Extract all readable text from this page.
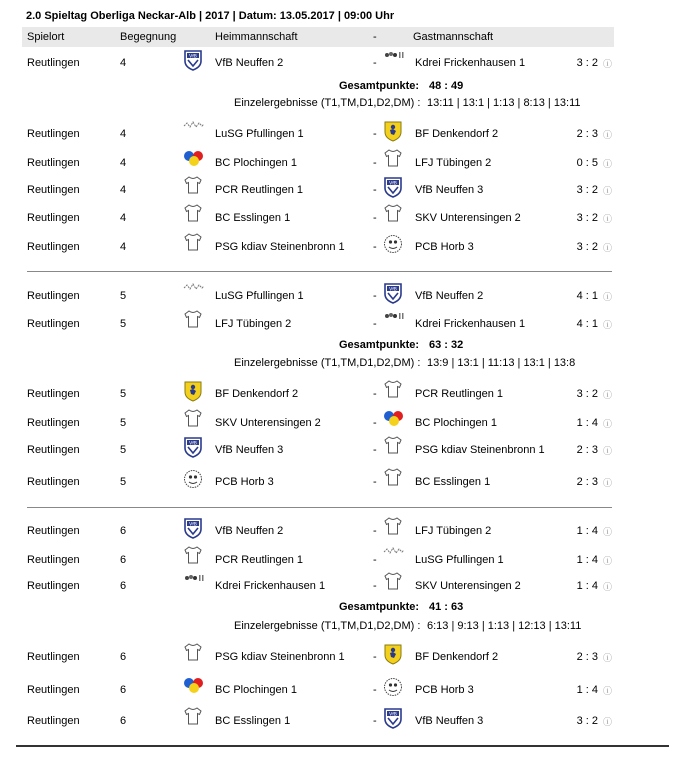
2.0 Spieltag Oberliga Neckar-Alb | 2017 | Datum: 13.05.2017 | 09:00 Uhr
Spielort	Begegnung	Heimmannschaft	-	Gastmannschaft
Reutlingen	4	VfB Neuffen 2	-	Kdrei Frickenhausen 1	3 : 2
VfB
ⓘ
Gesamtpunkte: 48 : 49
Einzelergebnisse (T1,TM,D1,D2,DM) : 13:11 | 13:1 | 1:13 | 8:13 | 13:11
Reutlingen	4	LuSG Pfullingen 1	-	BF Denkendorf 2	2 : 3 ⓘ
Reutlingen	4	BC Plochingen 1	-	LFJ Tübingen 2	0 : 5 ⓘ
Reutlingen	4	PCR Reutlingen 1	-	VfB Neuffen 3	3 : 2
VfB
ⓘ
Reutlingen	4	BC Esslingen 1	-	SKV Unterensingen 2	3 : 2 ⓘ
Reutlingen	4	PSG kdiav Steinenbronn 1	-	PCB Horb 3	3 : 2 ⓘ
Reutlingen	5	LuSG Pfullingen 1	-	VfB Neuffen 2	4 : 1
VfB
ⓘ
Reutlingen	5	LFJ Tübingen 2	-	Kdrei Frickenhausen 1	4 : 1 ⓘ
Gesamtpunkte: 63 : 32
Einzelergebnisse (T1,TM,D1,D2,DM) : 13:9 | 13:1 | 11:13 | 13:1 | 13:8
Reutlingen	5	BF Denkendorf 2	-	PCR Reutlingen 1	3 : 2 ⓘ
Reutlingen	5	SKV Unterensingen 2	-	BC Plochingen 1	1 : 4 ⓘ
Reutlingen	5	VfB Neuffen 3	-	PSG kdiav Steinenbronn 1	2 : 3
VfB
ⓘ
Reutlingen	5	PCB Horb 3	-	BC Esslingen 1	2 : 3 ⓘ
Reutlingen	6	VfB Neuffen 2	-	LFJ Tübingen 2	1 : 4
VfB
ⓘ
Reutlingen	6	PCR Reutlingen 1	-	LuSG Pfullingen 1	1 : 4 ⓘ
Reutlingen	6	Kdrei Frickenhausen 1	-	SKV Unterensingen 2	1 : 4 ⓘ
Gesamtpunkte: 41 : 63
Einzelergebnisse (T1,TM,D1,D2,DM) : 6:13 | 9:13 | 1:13 | 12:13 | 13:11
Reutlingen	6	PSG kdiav Steinenbronn 1	-	BF Denkendorf 2	2 : 3 ⓘ
Reutlingen	6	BC Plochingen 1	-	PCB Horb 3	1 : 4 ⓘ
Reutlingen	6	BC Esslingen 1	-	VfB Neuffen 3	3 : 2
VfB
ⓘ
